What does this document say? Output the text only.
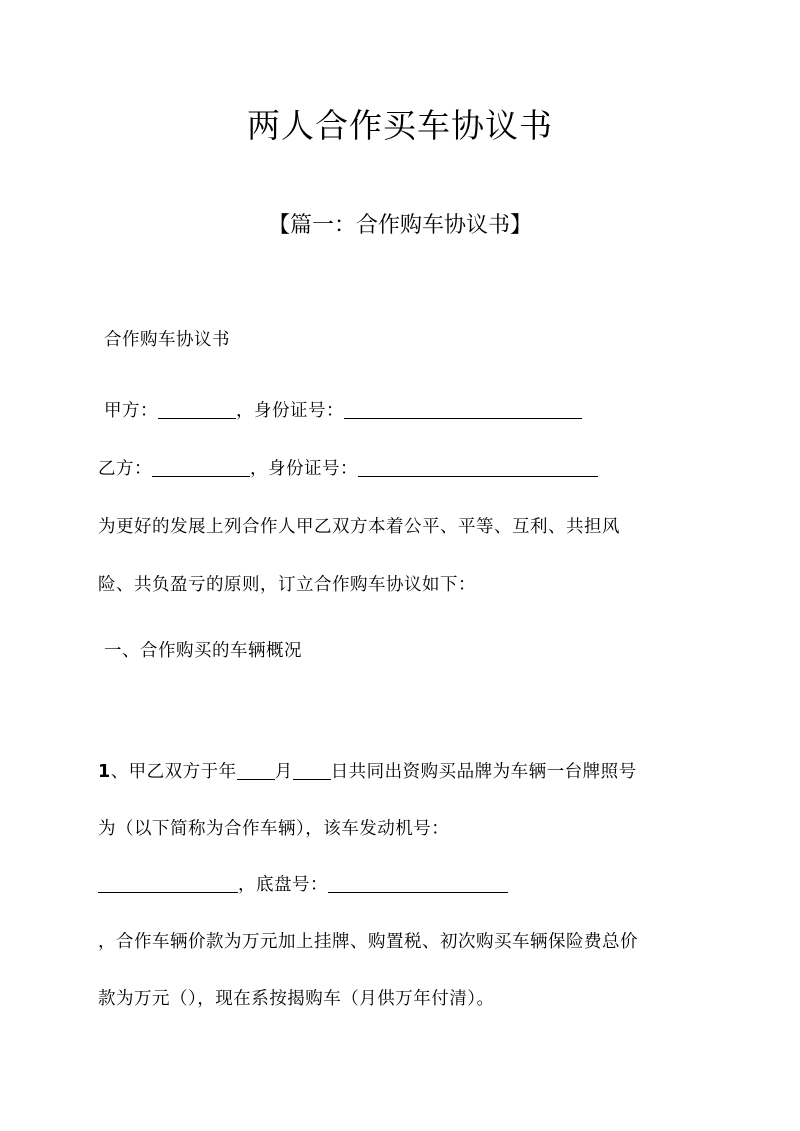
两人合作买车协议书
【篇一：合作购车协议书】
合作购车协议书
甲方：	，身份证号：
乙方：	，身份证号：
为更好的发展上列合作人甲乙双方本着公平、平等、互利、共担风
险、共负盈亏的原则，订立合作购车协议如下：
一、合作购买的车辆概况
1、甲乙双方于年 月 日共同出资购买品牌为车辆一台牌照号
为（以下简称为合作车辆），该车发动机号：
，底盘号：
，合作车辆价款为万元加上挂牌、购置税、初次购买车辆保险费总价
款为万元（），现在系按揭购车（月供万年付清）。
